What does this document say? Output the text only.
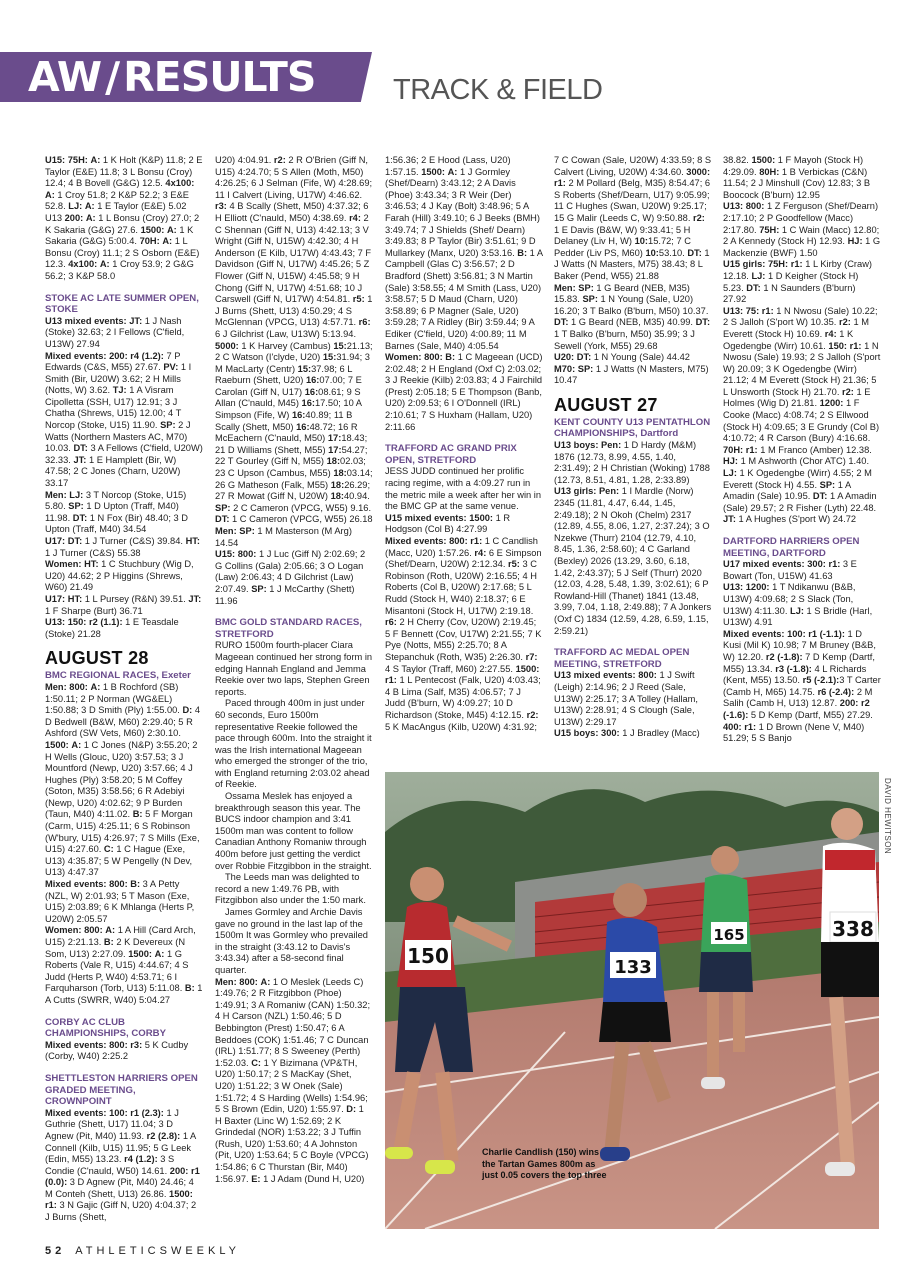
AW/RESULTS	TRACK & FIELD

U15: 75H: A: 1 K Holt (K&P) 11.8; 2 E Taylor (E&E) 11.8; 3 L Bonsu (Croy) 12.4; 4 B Bovell (G&G) 12.5. 4x100: A: 1 Croy 51.8; 2 K&P 52.2; 3 E&E 52.8. LJ: A: 1 E Taylor (E&E) 5.02

U13 200: A: 1 L Bonsu (Croy) 27.0; 2 K Sakaria (G&G) 27.6. 1500: A: 1 K Sakaria (G&G) 5:00.4. 70H: A: 1 L Bonsu (Croy) 11.1; 2 S Osborn (E&E) 12.3. 4x100: A: 1 Croy 53.9; 2 G&G 56.2; 3 K&P 58.0

STOKE AC LATE SUMMER OPEN, STOKE

U13 mixed events: JT: 1 J Nash (Stoke) 32.63; 2 I Fellows (C'field, U13W) 27.94

Mixed events: 200: r4 (1.2): 7 P Edwards (C&S, M55) 27.67. PV: 1 I Smith (Bir, U20W) 3.62; 2 H Mills (Notts, W) 3.62. TJ: 1 A Visram Cipolletta (SSH, U17) 12.91; 3 J Chatha (Shrews, U15) 12.00; 4 T Norcop (Stoke, U15) 11.90. SP: 2 J Watts (Northern Masters AC, M70) 10.03. DT: 3 A Fellows (C'field, U20W) 32.33. JT: 1 E Hamplett (Bir, W) 47.58; 2 C Jones (Charn, U20W) 33.17

Men: LJ: 3 T Norcop (Stoke, U15) 5.80. SP: 1 D Upton (Traff, M40) 11.98. DT: 1 N Fox (Bir) 48.40; 3 D Upton (Traff, M40) 34.54

U17: DT: 1 J Turner (C&S) 39.84. HT: 1 J Turner (C&S) 55.38

Women: HT: 1 C Stuchbury (Wig D, U20) 44.62; 2 P Higgins (Shrews, W60) 21.49

U17: HT: 1 L Pursey (R&N) 39.51. JT: 1 F Sharpe (Burt) 36.71

U13: 150: r2 (1.1): 1 E Teasdale (Stoke) 21.28

AUGUST 28
BMC REGIONAL RACES, Exeter

Men: 800: A: 1 B Rochford (SB) 1:50.11; 2 P Norman (WG&EL) 1:50.88; 3 D Smith (Ply) 1:55.00. D: 4 D Bedwell (B&W, M60) 2:29.40; 5 R Ashford (SW Vets, M60) 2:30.10. 1500: A: 1 C Jones (N&P) 3:55.20; 2 H Wells (Glouc, U20) 3:57.53; 3 J Mountford (Newp, U20) 3:57.66; 4 J Hughes (Ply) 3:58.20; 5 M Coffey (Soton, M35) 3:58.56; 6 R Adebiyi (Newp, U20) 4:02.62; 9 P Burden (Taun, M40) 4:11.02. B: 5 F Morgan (Carm, U15) 4:25.11; 6 S Robinson (W'bury, U15) 4:26.97; 7 S Mills (Exe, U15) 4:27.60. C: 1 C Hague (Exe, U13) 4:35.87; 5 W Pengelly (N Dev, U13) 4:47.37

Mixed events: 800: B: 3 A Petty (NZL, W) 2:01.93; 5 T Mason (Exe, U15) 2:03.89; 6 K Mhlanga (Herts P, U20W) 2:05.57

Women: 800: A: 1 A Hill (Card Arch, U15) 2:21.13. B: 2 K Devereux (N Som, U13) 2:27.09. 1500: A: 1 G Roberts (Vale R, U15) 4:44.67; 4 S Judd (Herts P, W40) 4:53.71; 6 I Farquharson (Torb, U13) 5:11.08. B: 1 A Cutts (SWRR, W40) 5:04.27

CORBY AC CLUB CHAMPIONSHIPS, CORBY

Mixed events: 800: r3: 5 K Cudby (Corby, W40) 2:25.2

SHETTLESTON HARRIERS OPEN GRADED MEETING, CROWNPOINT

Mixed events: 100: r1 (2.3): 1 J Guthrie (Shett, U17) 11.04; 3 D Agnew (Pit, M40) 11.93. r2 (2.8): 1 A Connell (Kilb, U15) 11.95; 5 G Leek (Edin, M55) 13.23. r4 (1.2): 3 S Condie (C'nauld, W50) 14.61. 200: r1 (0.0): 3 D Agnew (Pit, M40) 24.46; 4 M Conteh (Shett, U13) 26.86. 1500: r1: 3 N Gajic (Giff N, U20) 4:04.37; 2 J Burns (Shett,

U20) 4:04.91. r2: 2 R O'Brien (Giff N, U15) 4:24.70; 5 S Allen (Moth, M50) 4:26.25; 6 J Selman (Fife, W) 4:28.69; 11 I Calvert (Living, U17W) 4:46.62. r3: 4 B Scally (Shett, M50) 4:37.32; 6 H Elliott (C'nauld, M50) 4:38.69. r4: 2 C Shennan (Giff N, U13) 4:42.13; 3 V Wright (Giff N, U15W) 4:42.30; 4 H Anderson (E Kilb, U17W) 4:43.43; 7 F Davidson (Giff N, U17W) 4:45.26; 5 Z Flower (Giff N, U15W) 4:45.58; 9 H Chong (Giff N, U17W) 4:51.68; 10 J Carswell (Giff N, U17W) 4:54.81. r5: 1 J Burns (Shett, U13) 4:50.29; 4 S McGlennan (VPCG, U13) 4:57.71. r6: 6 J Gilchrist (Law, U13W) 5:13.94. 5000: 1 K Harvey (Cambus) 15:21.13; 2 C Watson (I'clyde, U20) 15:31.94; 3 M MacLarty (Centr) 15:37.98; 6 L Raeburn (Shett, U20) 16:07.00; 7 E Carolan (Giff N, U17) 16:08.61; 9 S Allan (C'nauld, M45) 16:17.50; 10 A Simpson (Fife, W) 16:40.89; 11 B Scally (Shett, M50) 16:48.72; 16 R McEachern (C'nauld, M50) 17:18.43; 21 D Williams (Shett, M55) 17:54.27; 22 T Gourley (Giff N, M55) 18:02.03; 23 C Upson (Cambus, M55) 18:03.14; 26 G Matheson (Falk, M55) 18:26.29; 27 R Mowat (Giff N, U20W) 18:40.94. SP: 2 C Cameron (VPCG, W55) 9.16. DT: 1 C Cameron (VPCG, W55) 26.18

Men: SP: 1 M Masterson (M Arg) 14.54

U15: 800: 1 J Luc (Giff N) 2:02.69; 2 G Collins (Gala) 2:05.66; 3 O Logan (Law) 2:06.43; 4 D Gilchrist (Law) 2:07.49. SP: 1 J McCarthy (Shett) 11.96

BMC GOLD STANDARD RACES, STRETFORD

RURO 1500m fourth-placer Ciara Mageean continued her strong form in edging Hannah England and Jemma Reekie over two laps, Stephen Green reports.

Paced through 400m in just under 60 seconds, Euro 1500m representative Reekie followed the pace through 600m. Into the straight it was the Irish international Mageean who emerged the stronger of the trio, with England returning 2:03.02 ahead of Reekie.

Ossama Meslek has enjoyed a breakthrough season this year. The BUCS indoor champion and 3:41 1500m man was content to follow Canadian Anthony Romaniw through 400m before just getting the verdict over Robbie Fitzgibbon in the straight.

The Leeds man was delighted to record a new 1:49.76 PB, with Fitzgibbon also under the 1:50 mark.

James Gormley and Archie Davis gave no ground in the last lap of the 1500m It was Gormley who prevailed in the straight (3:43.12 to Davis's 3:43.34) after a 58-second final quarter.

Men: 800: A: 1 O Meslek (Leeds C) 1:49.76; 2 R Fitzgibbon (Phoe) 1:49.91; 3 A Romaniw (CAN) 1:50.32; 4 H Carson (NZL) 1:50.46; 5 D Bebbington (Prest) 1:50.47; 6 A Beddoes (COK) 1:51.46; 7 C Duncan (IRL) 1:51.77; 8 S Sweeney (Perth) 1:52.03. C: 1 Y Bizimana (VP&TH, U20) 1:50.17; 2 S MacKay (Shet, U20) 1:51.22; 3 W Onek (Sale) 1:51.72; 4 S Harding (Wells) 1:54.96; 5 S Brown (Edin, U20) 1:55.97. D: 1 H Baxter (Linc W) 1:52.69; 2 K Grindedal (NOR) 1:53.22; 3 J Tuffin (Rush, U20) 1:53.60; 4 A Johnston (Pit, U20) 1:53.64; 5 C Boyle (VPCG) 1:54.86; 6 C Thurstan (Bir, M40) 1:56.97. E: 1 J Adam (Dund H, U20)

1:56.36; 2 E Hood (Lass, U20) 1:57.15. 1500: A: 1 J Gormley (Shef/Dearn) 3:43.12; 2 A Davis (Phoe) 3:43.34; 3 R Weir (Der) 3:46.53; 4 J Kay (Bolt) 3:48.96; 5 A Farah (Hill) 3:49.10; 6 J Beeks (BMH) 3:49.74; 7 J Shields (Shef/ Dearn) 3:49.83; 8 P Taylor (Bir) 3:51.61; 9 D Mullarkey (Manx, U20) 3:53.16. B: 1 A Campbell (Glas C) 3:56.57; 2 D Bradford (Shett) 3:56.81; 3 N Martin (Sale) 3:58.55; 4 M Smith (Lass, U20) 3:58.57; 5 D Maud (Charn, U20) 3:58.89; 6 P Magner (Sale, U20) 3:59.28; 7 A Ridley (Bir) 3:59.44; 9 A Ediker (C'field, U20) 4:00.89; 11 M Barnes (Sale, M40) 4:05.54

Women: 800: B: 1 C Mageean (UCD) 2:02.48; 2 H England (Oxf C) 2:03.02; 3 J Reekie (Kilb) 2:03.83; 4 J Fairchild (Prest) 2:05.18; 5 E Thompson (Banb, U20) 2:09.53; 6 I O'Donnell (IRL) 2:10.61; 7 S Huxham (Hallam, U20) 2:11.66

TRAFFORD AC GRAND PRIX OPEN, STRETFORD

JESS JUDD continued her prolific racing regime, with a 4:09.27 run in the metric mile a week after her win in the BMC GP at the same venue.

U15 mixed events: 1500: 1 R Hodgson (Col B) 4:27.99

Mixed events: 800: r1: 1 C Candlish (Macc, U20) 1:57.26. r4: 6 E Simpson (Shef/Dearn, U20W) 2:12.34. r5: 3 C Robinson (Roth, U20W) 2:16.55; 4 H Roberts (Col B, U20W) 2:17.68; 5 L Rudd (Stock H, W40) 2:18.37; 6 E Misantoni (Stock H, U17W) 2:19.18. r6: 2 H Cherry (Cov, U20W) 2:19.45; 5 F Bennett (Cov, U17W) 2:21.55; 7 K Pye (Notts, M55) 2:25.70; 8 A Stepanchuk (Roth, W35) 2:26.30. r7: 4 S Taylor (Traff, M60) 2:27.55. 1500: r1: 1 L Pentecost (Falk, U20) 4:03.43; 4 B Lima (Salf, M35) 4:06.57; 7 J Judd (B'burn, W) 4:09.27; 10 D Richardson (Stoke, M45) 4:12.15. r2: 5 K MacAngus (Kilb, U20W) 4:31.92;

7 C Cowan (Sale, U20W) 4:33.59; 8 S Calvert (Living, U20W) 4:34.60. 3000: r1: 2 M Pollard (Belg, M35) 8:54.47; 6 S Roberts (Shef/Dearn, U17) 9:05.99; 11 C Hughes (Swan, U20W) 9:25.17; 15 G Malir (Leeds C, W) 9:50.88. r2: 1 E Davis (B&W, W) 9:33.41; 5 H Delaney (Liv H, W) 10:15.72; 7 C Pedder (Liv PS, M60) 10:53.10. DT: 1 J Watts (N Masters, M75) 38.43; 8 L Baker (Pend, W55) 21.88

Men: SP: 1 G Beard (NEB, M35) 15.83. SP: 1 N Young (Sale, U20) 16.20; 3 T Balko (B'burn, M50) 10.37. DT: 1 G Beard (NEB, M35) 40.99. DT: 1 T Balko (B'burn, M50) 35.99; 3 J Sewell (York, M55) 29.68

U20: DT: 1 N Young (Sale) 44.42

M70: SP: 1 J Watts (N Masters, M75) 10.47

AUGUST 27
KENT COUNTY U13 PENTATHLON CHAMPIONSHIPS, Dartford

U13 boys: Pen: 1 D Hardy (M&M) 1876 (12.73, 8.99, 4.55, 1.40, 2:31.49); 2 H Christian (Woking) 1788 (12.73, 8.51, 4.81, 1.28, 2:33.89)

U13 girls: Pen: 1 I Mardle (Norw) 2345 (11.81, 4.47, 6.44, 1.45, 2:49.18); 2 N Okoh (Chelm) 2317 (12.89, 4.55, 8.06, 1.27, 2:37.24); 3 O Nzekwe (Thurr) 2104 (12.79, 4.10, 8.45, 1.36, 2:58.60); 4 C Garland (Bexley) 2026 (13.29, 3.60, 6.18, 1.42, 2:43.37); 5 J Self (Thurr) 2020 (12.03, 4.28, 5.48, 1.39, 3:02.61); 6 P Rowland-Hill (Thanet) 1841 (13.48, 3.99, 7.04, 1.18, 2:49.88); 7 A Jonkers (Oxf C) 1834 (12.59, 4.28, 6.59, 1.15, 2:59.21)

TRAFFORD AC MEDAL OPEN MEETING, STRETFORD

U13 mixed events: 800: 1 J Swift (Leigh) 2:14.96; 2 J Reed (Sale, U13W) 2:25.17; 3 A Tolley (Hallam, U13W) 2:28.91; 4 S Clough (Sale, U13W) 2:29.17

U15 boys: 300: 1 J Bradley (Macc)

38.82. 1500: 1 F Mayoh (Stock H) 4:29.09. 80H: 1 B Verbickas (C&N) 11.54; 2 J Minshull (Cov) 12.83; 3 B Boocock (B'burn) 12.95

U13: 800: 1 Z Ferguson (Shef/Dearn) 2:17.10; 2 P Goodfellow (Macc) 2:17.80. 75H: 1 C Wain (Macc) 12.80; 2 A Kennedy (Stock H) 12.93. HJ: 1 G Mackenzie (BWF) 1.50

U15 girls: 75H: r1: 1 L Kirby (Craw) 12.18. LJ: 1 D Keigher (Stock H) 5.23. DT: 1 N Saunders (B'burn) 27.92

U13: 75: r1: 1 N Nwosu (Sale) 10.22; 2 S Jalloh (S'port W) 10.35. r2: 1 M Everett (Stock H) 10.69. r4: 1 K Ogedengbe (Wirr) 10.61. 150: r1: 1 N Nwosu (Sale) 19.93; 2 S Jalloh (S'port W) 20.09; 3 K Ogedengbe (Wirr) 21.12; 4 M Everett (Stock H) 21.36; 5 L Unsworth (Stock H) 21.70. r2: 1 E Holmes (Wig D) 21.81. 1200: 1 F Cooke (Macc) 4:08.74; 2 S Ellwood (Stock H) 4:09.65; 3 E Grundy (Col B) 4:10.72; 4 R Carson (Bury) 4:16.68. 70H: r1: 1 M Franco (Amber) 12.38. HJ: 1 M Ashworth (Chor ATC) 1.40. LJ: 1 K Ogedengbe (Wirr) 4.55; 2 M Everett (Stock H) 4.55. SP: 1 A Amadin (Sale) 10.95. DT: 1 A Amadin (Sale) 29.57; 2 R Fisher (Lyth) 22.48. JT: 1 A Hughes (S'port W) 24.72

DARTFORD HARRIERS OPEN MEETING, DARTFORD

U17 mixed events: 300: r1: 3 E Bowart (Ton, U15W) 41.63

U13: 1200: 1 T Ndikanwu (B&B, U13W) 4:09.68; 2 S Slack (Ton, U13W) 4:11.30. LJ: 1 S Bridle (Harl, U13W) 4.91

Mixed events: 100: r1 (-1.1): 1 D Kusi (Mil K) 10.98; 7 M Bruney (B&B, W) 12.20. r2 (-1.8): 7 D Kemp (Dartf, M55) 13.34. r3 (-1.8): 4 L Richards (Kent, M55) 13.50. r5 (-2.1):3 T Carter (Camb H, M65) 14.75. r6 (-2.4): 2 M Salih (Camb H, U13) 12.87. 200: r2 (-1.6): 5 D Kemp (Dartf, M55) 27.29. 400: r1: 1 D Brown (Nene V, M40) 51.29; 5 S Banjo

150	133
165	338
DAVID HEWITSON
Charlie Candlish (150) wins the Tartan Games 800m as just 0.05 covers the top three
52 ATHLETICSWEEKLY
